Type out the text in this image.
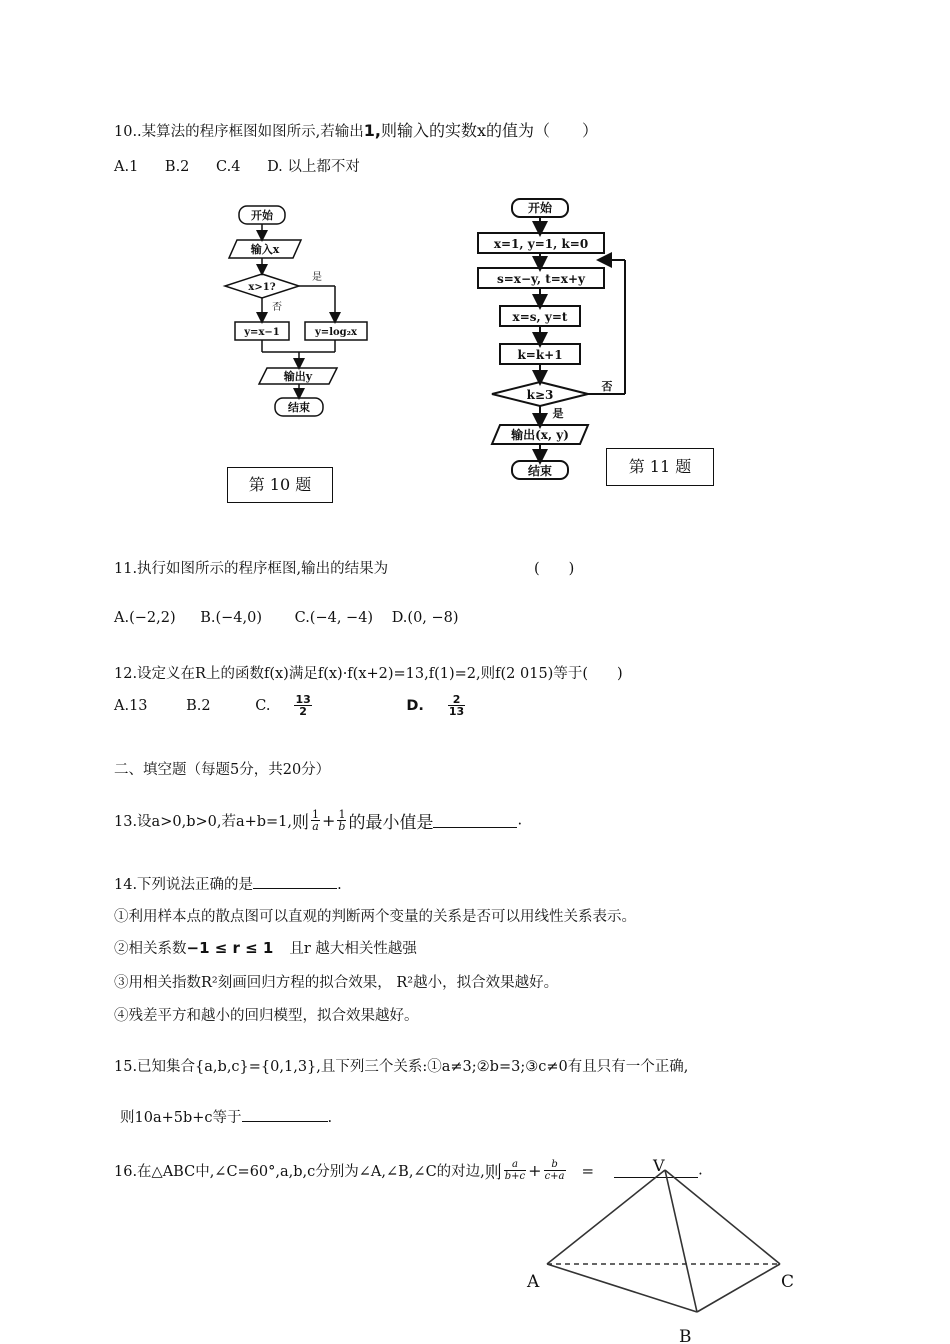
10..某算法的程序框图如图所示,若输出1,则输入的实数x的值为（　　）
A.1 B.2 C.4 D. 以上都不对
开始
输入x
x>1?
是
否
y=x−1	y=log₂x
输出y
结束
第 10 题
开始
x=1, y=1, k=0
s=x−y, t=x+y
x=s, y=t
k=k+1
k≥3
否
是
输出(x, y)
结束	第 11 题
11.执行如图所示的程序框图,输出的结果为	(　　)
A.(−2,2) B.(−4,0) C.(−4, −4) D.(0, −8)
12.设定义在R上的函数f(x)满足f(x)·f(x+2)=13,f(1)=2,则f(2 015)等于(　　)
A.13	B.2	C. $\frac{13}{2}$	D. $\frac{2}{13}$
二、填空题（每题5分，共20分）
13.设a>0,b>0,若a+b=1,则 $\frac{1}{a} + \frac{1}{b}$ 的最小值是	.
14.下列说法正确的是	.
①利用样本点的散点图可以直观的判断两个变量的关系是否可以用线性关系表示。
②相关系数−1 ≤ r ≤ 1 且r 越大相关性越强
③用相关指数R²刻画回归方程的拟合效果， R²越小，拟合效果越好。
④残差平方和越小的回归模型，拟合效果越好。
15.已知集合{a,b,c}={0,1,3},且下列三个关系:①a≠3;②b=3;③c≠0有且只有一个正确,
则10a+5b+c等于	.
16.在△ABC中,∠C=60°,a,b,c分别为∠A,∠B,∠C的对边,则 $\frac{a}{b+c} + \frac{b}{c+a}$ =	.
A	C
B
V
